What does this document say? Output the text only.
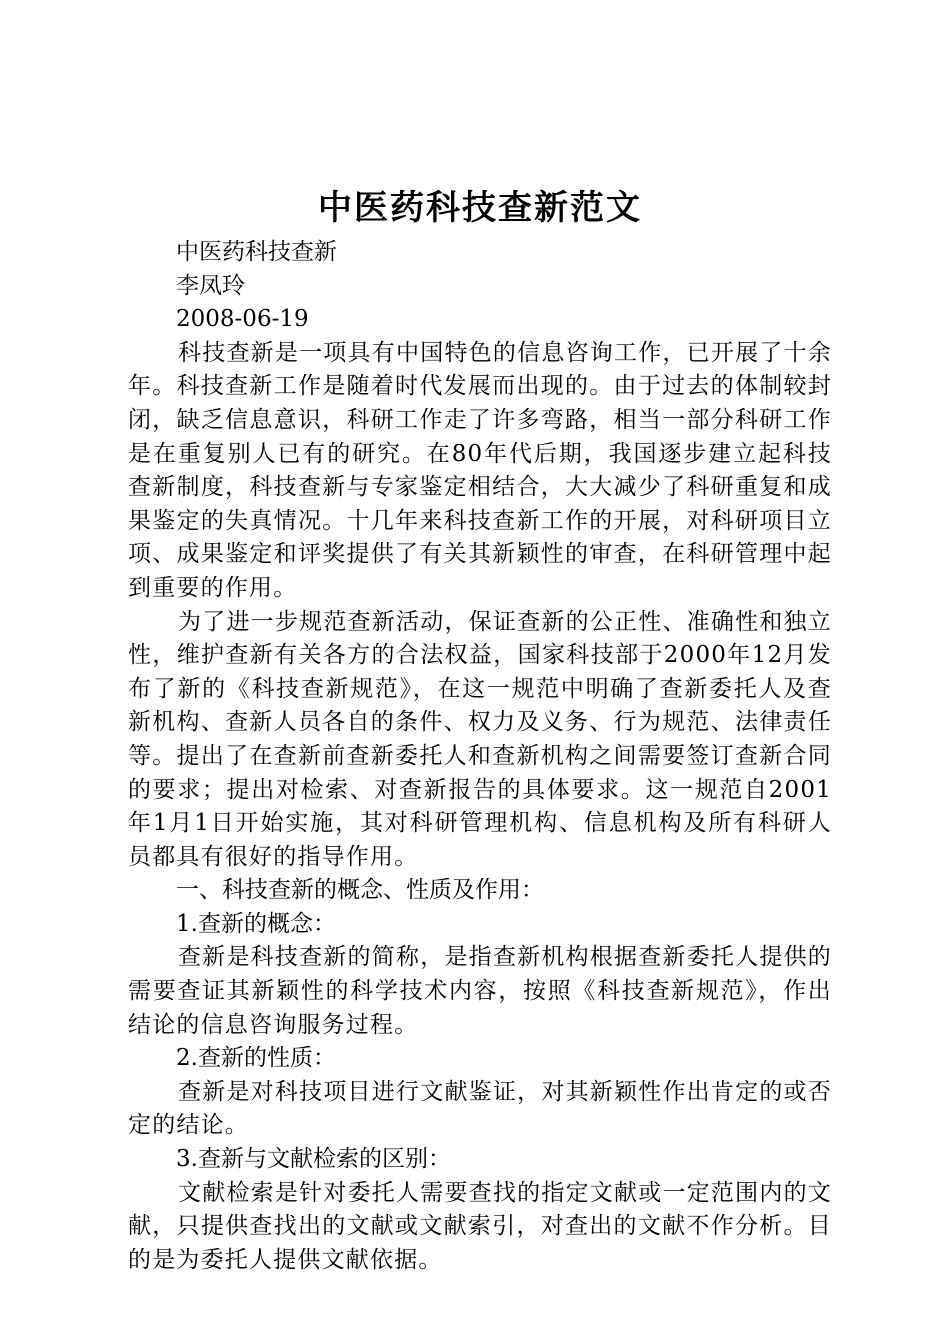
中医药科技查新范文

中医药科技查新

李凤玲

2008-06-19

科技查新是一项具有中国特色的信息咨询工作，已开展了十余年。科技查新工作是随着时代发展而出现的。由于过去的体制较封闭，缺乏信息意识，科研工作走了许多弯路，相当一部分科研工作是在重复别人已有的研究。在80年代后期，我国逐步建立起科技查新制度，科技查新与专家鉴定相结合，大大减少了科研重复和成果鉴定的失真情况。十几年来科技查新工作的开展，对科研项目立项、成果鉴定和评奖提供了有关其新颖性的审查，在科研管理中起到重要的作用。

为了进一步规范查新活动，保证查新的公正性、准确性和独立性，维护查新有关各方的合法权益，国家科技部于2000年12月发布了新的《科技查新规范》，在这一规范中明确了查新委托人及查新机构、查新人员各自的条件、权力及义务、行为规范、法律责任等。提出了在查新前查新委托人和查新机构之间需要签订查新合同的要求；提出对检索、对查新报告的具体要求。这一规范自2001年1月1日开始实施，其对科研管理机构、信息机构及所有科研人员都具有很好的指导作用。

一、科技查新的概念、性质及作用：

1.查新的概念：

查新是科技查新的简称，是指查新机构根据查新委托人提供的需要查证其新颖性的科学技术内容，按照《科技查新规范》，作出结论的信息咨询服务过程。

2.查新的性质：

查新是对科技项目进行文献鉴证，对其新颖性作出肯定的或否定的结论。

3.查新与文献检索的区别：

文献检索是针对委托人需要查找的指定文献或一定范围内的文献，只提供查找出的文献或文献索引，对查出的文献不作分析。目的是为委托人提供文献依据。
